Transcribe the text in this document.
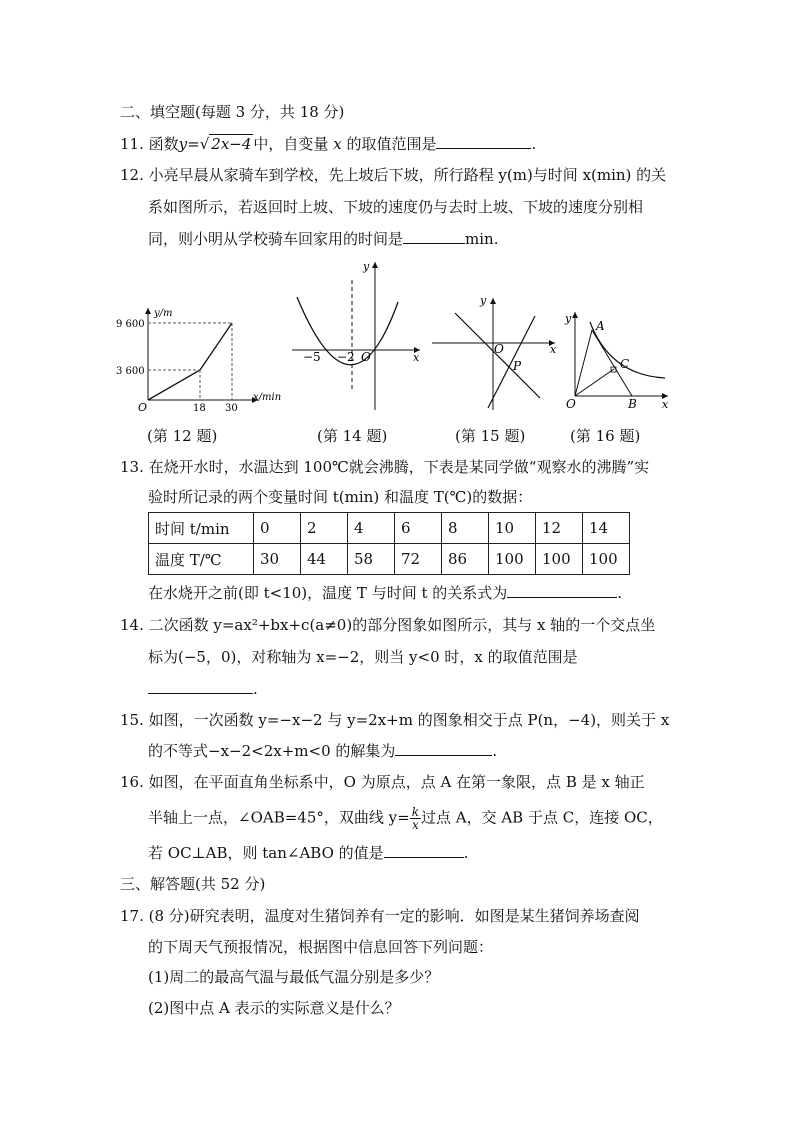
二、填空题(每题 3 分，共 18 分)
11. 函数y=√ 2x−4 中，自变量 x 的取值范围是	.
12. 小亮早晨从家骑车到学校，先上坡后下坡，所行路程 y(m)与时间 x(min) 的关
系如图所示，若返回时上坡、下坡的速度仍与去时上坡、下坡的速度分别相
同，则小明从学校骑车回家用的时间是	min.
y/m
x/min
O
9 600
3 600
18 30
y
x
O
−5 −2
y
x
O
P
y
x
O
A
B
C
(第 12 题)	(第 14 题)	(第 15 题)	(第 16 题)
13. 在烧开水时，水温达到 100℃就会沸腾，下表是某同学做“观察水的沸腾”实
验时所记录的两个变量时间 t(min) 和温度 T(℃)的数据：
时间 t/min	0	2	4	6	8	10	12	14
温度 T/℃	30	44	58	72	86	100	100	100
在水烧开之前(即 t<10)，温度 T 与时间 t 的关系式为	.
14. 二次函数 y=ax²+bx+c(a≠0)的部分图象如图所示，其与 x 轴的一个交点坐
标为(−5，0)，对称轴为 x=−2，则当 y<0 时，x 的取值范围是
.
15. 如图，一次函数 y=−x−2 与 y=2x+m 的图象相交于点 P(n，−4)，则关于 x
的不等式−x−2<2x+m<0 的解集为	.
16. 如图，在平面直角坐标系中，O 为原点，点 A 在第一象限，点 B 是 x 轴正
半轴上一点，∠OAB=45°，双曲线 $y= \frac{k}{x}$ 过点 A，交 AB 于点 C，连接 OC，
若 OC⊥AB，则 tan∠ABO 的值是	.
三、解答题(共 52 分)
17. (8 分)研究表明，温度对生猪饲养有一定的影响．如图是某生猪饲养场查阅
的下周天气预报情况，根据图中信息回答下列问题：
(1)周二的最高气温与最低气温分别是多少？
(2)图中点 A 表示的实际意义是什么？
